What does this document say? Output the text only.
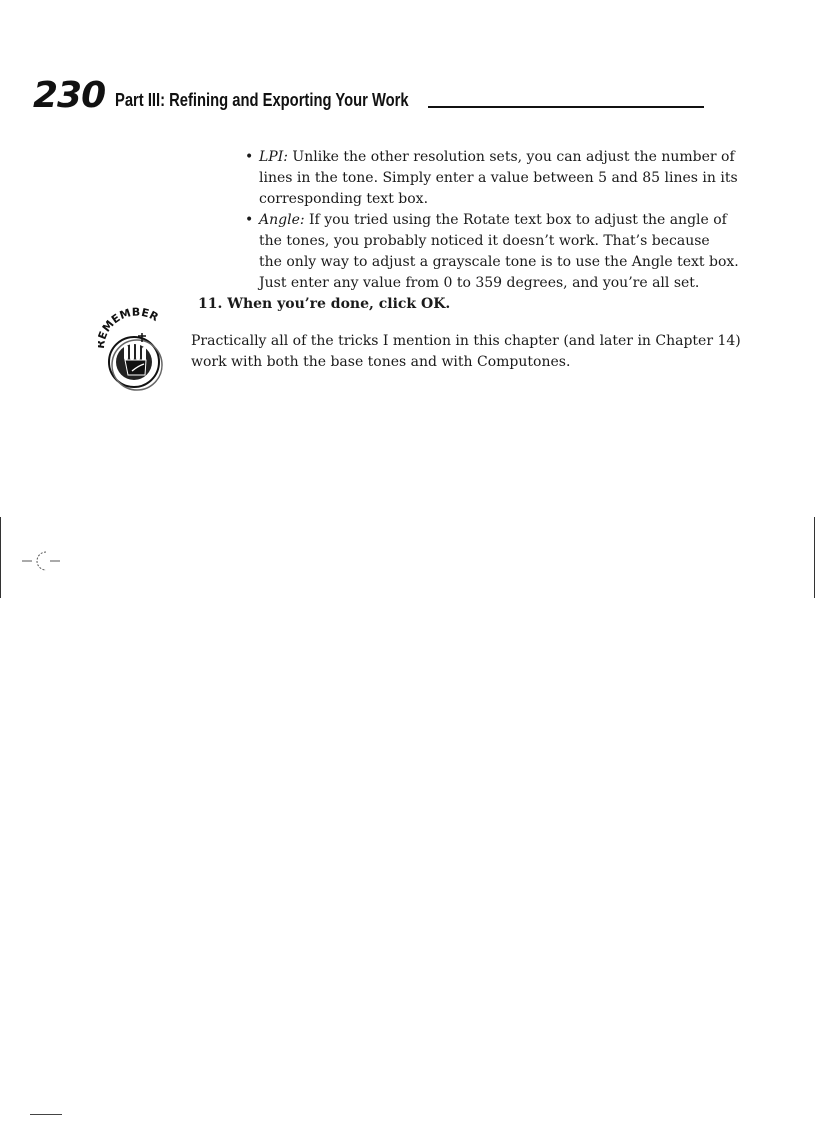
230 Part III: Refining and Exporting Your Work
• LPI: Unlike the other resolution sets, you can adjust the number of
lines in the tone. Simply enter a value between 5 and 85 lines in its
corresponding text box.
• Angle: If you tried using the Rotate text box to adjust the angle of
the tones, you probably noticed it doesn’t work. That’s because
the only way to adjust a grayscale tone is to use the Angle text box.
Just enter any value from 0 to 359 degrees, and you’re all set.
11. When you’re done, click OK.
MEMBER
Practically all of the tricks I mention in this chapter (and later in Chapter 14)
work with both the base tones and with Computones.
